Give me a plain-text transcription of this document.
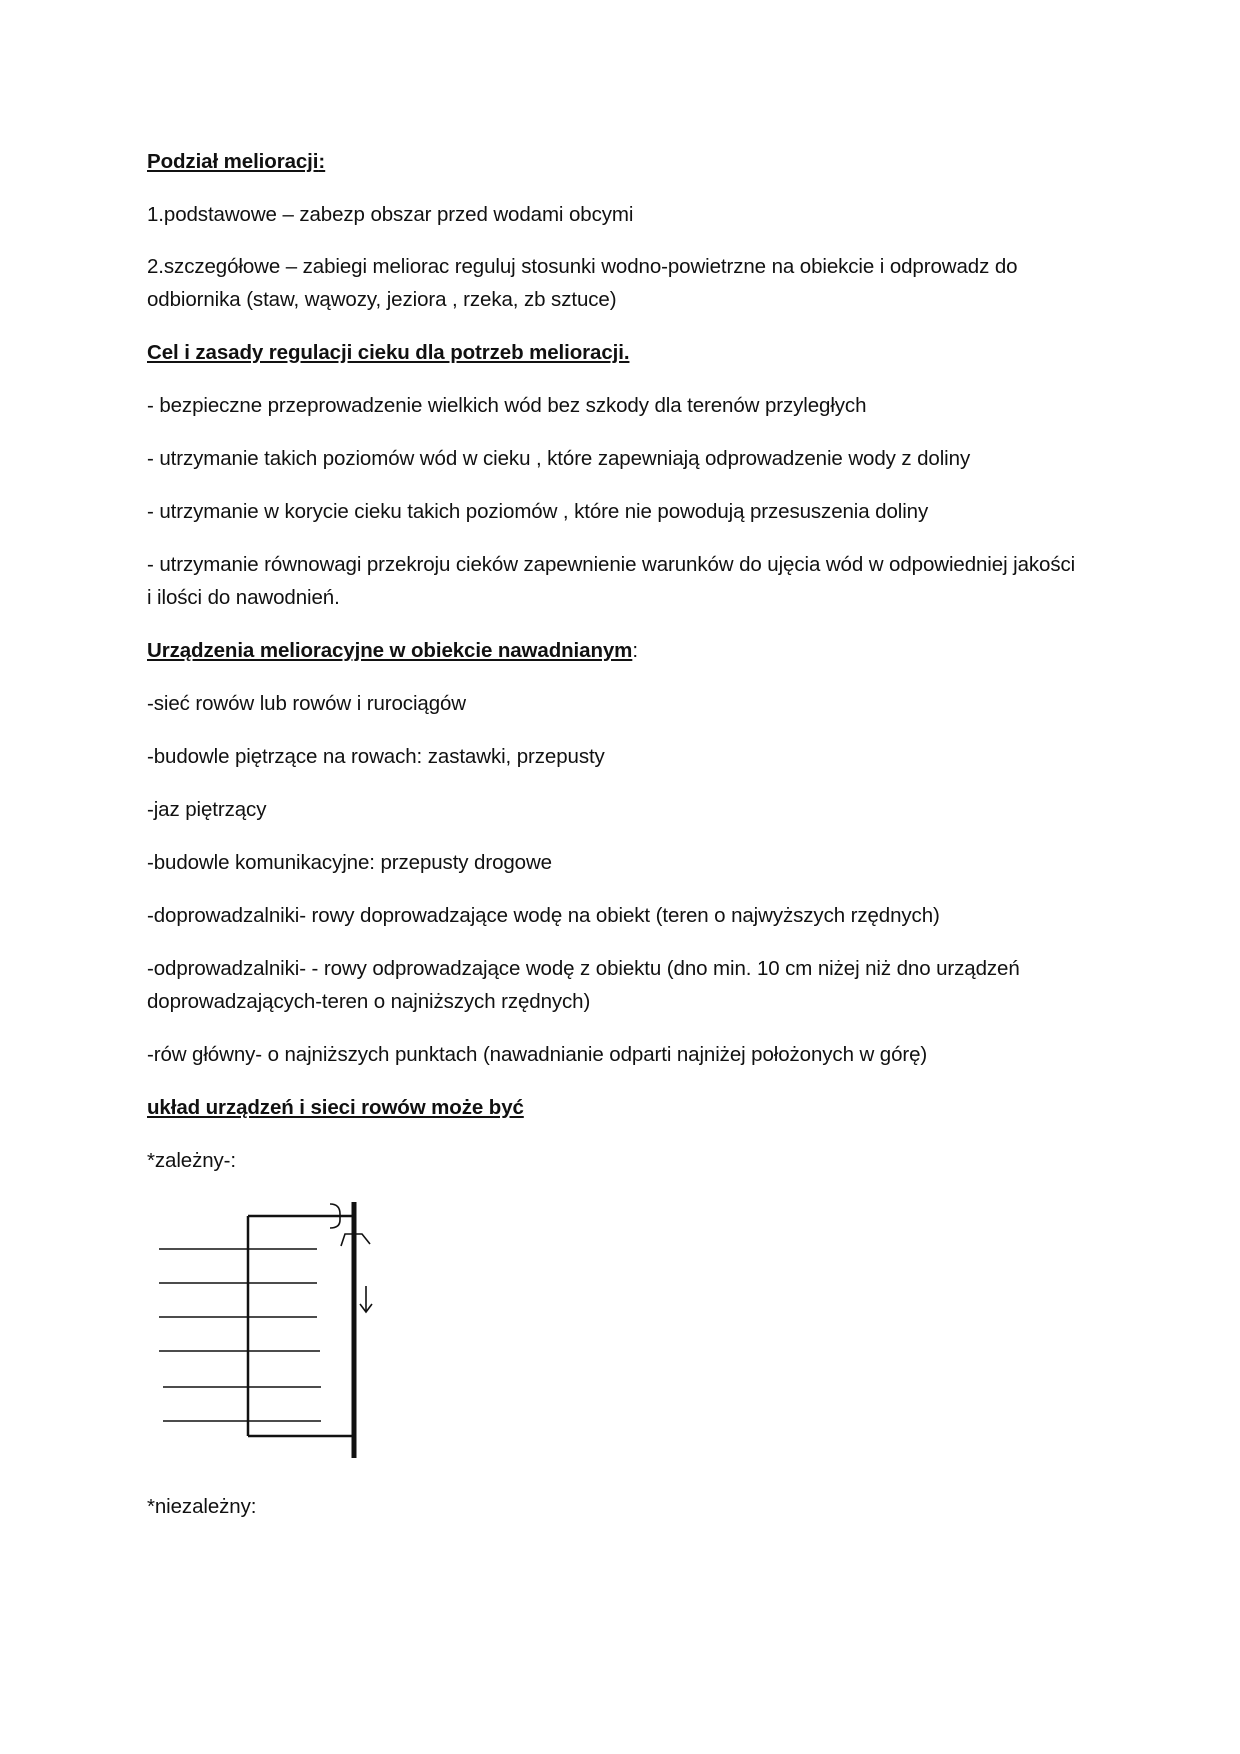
Podział melioracji:

1.podstawowe – zabezp obszar przed wodami obcymi

2.szczegółowe – zabiegi meliorac reguluj stosunki wodno-powietrzne na obiekcie i odprowadz do odbiornika (staw, wąwozy, jeziora , rzeka, zb sztuce)

Cel i zasady regulacji cieku dla potrzeb melioracji.

- bezpieczne przeprowadzenie wielkich wód bez szkody dla terenów przyległych

- utrzymanie takich poziomów wód w cieku , które zapewniają odprowadzenie wody z doliny

- utrzymanie w korycie cieku takich poziomów , które nie powodują przesuszenia doliny

- utrzymanie równowagi przekroju cieków zapewnienie warunków do ujęcia wód w odpowiedniej jakości i ilości do nawodnień.

Urządzenia melioracyjne w obiekcie nawadnianym:

-sieć rowów lub rowów i rurociągów

-budowle piętrzące na rowach: zastawki, przepusty

-jaz piętrzący

-budowle komunikacyjne: przepusty drogowe

-doprowadzalniki- rowy doprowadzające wodę na obiekt (teren o najwyższych rzędnych)

-odprowadzalniki- - rowy odprowadzające wodę z obiektu (dno min. 10 cm niżej niż dno urządzeń doprowadzających-teren o najniższych rzędnych)

-rów główny- o najniższych punktach (nawadnianie odparti najniżej położonych w górę)

układ urządzeń i sieci rowów może być

*zależny-:

*niezależny:
